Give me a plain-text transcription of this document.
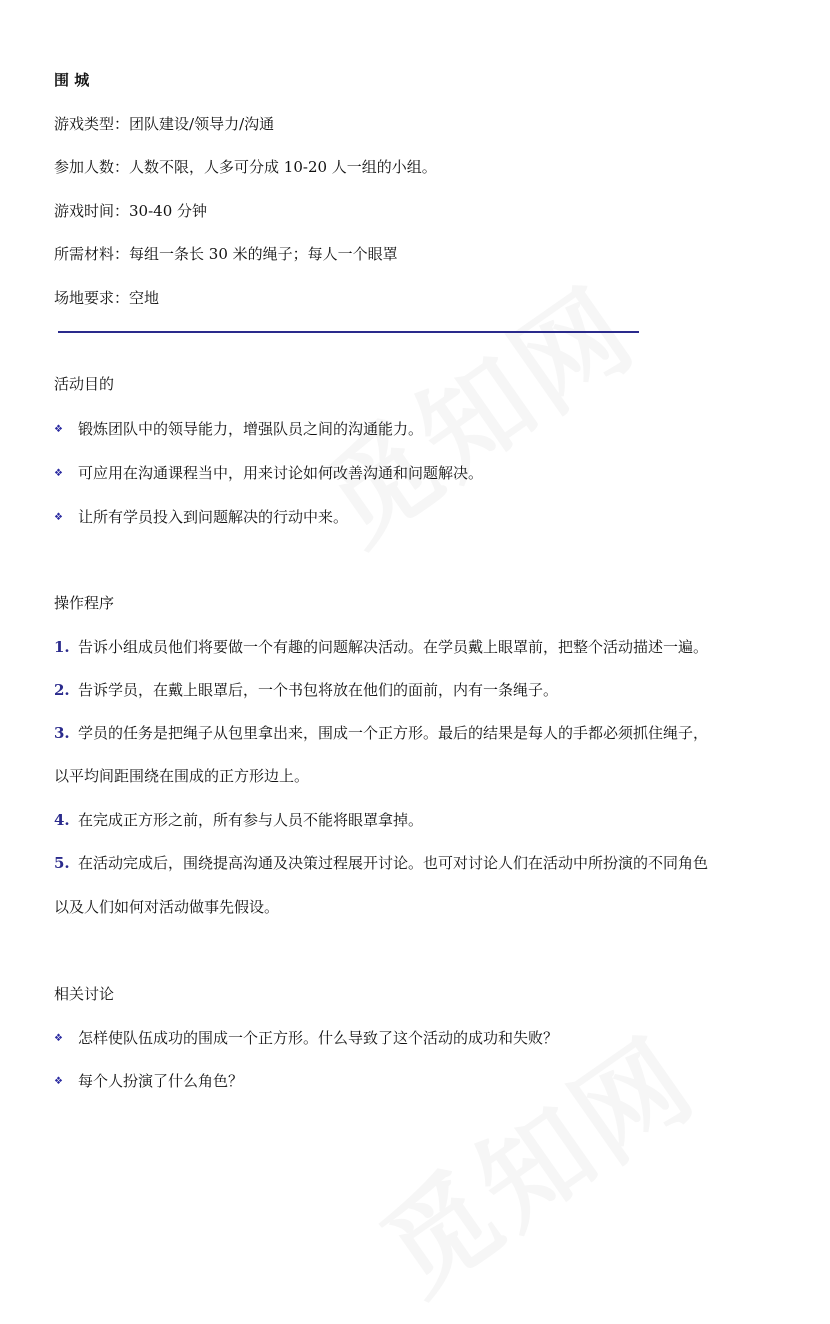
围 城
游戏类型：团队建设/领导力/沟通
参加人数：人数不限，人多可分成 10-20 人一组的小组。
游戏时间：30-40 分钟
所需材料：每组一条长 30 米的绳子；每人一个眼罩
场地要求：空地
活动目的
❖ 锻炼团队中的领导能力，增强队员之间的沟通能力。
❖ 可应用在沟通课程当中，用来讨论如何改善沟通和问题解决。
❖ 让所有学员投入到问题解决的行动中来。
操作程序
1. 告诉小组成员他们将要做一个有趣的问题解决活动。在学员戴上眼罩前，把整个活动描述一遍。
2. 告诉学员，在戴上眼罩后，一个书包将放在他们的面前，内有一条绳子。
3. 学员的任务是把绳子从包里拿出来，围成一个正方形。最后的结果是每人的手都必须抓住绳子，
以平均间距围绕在围成的正方形边上。
4. 在完成正方形之前，所有参与人员不能将眼罩拿掉。
5. 在活动完成后，围绕提高沟通及决策过程展开讨论。也可对讨论人们在活动中所扮演的不同角色
以及人们如何对活动做事先假设。
相关讨论
❖ 怎样使队伍成功的围成一个正方形。什么导致了这个活动的成功和失败？
❖ 每个人扮演了什么角色？
